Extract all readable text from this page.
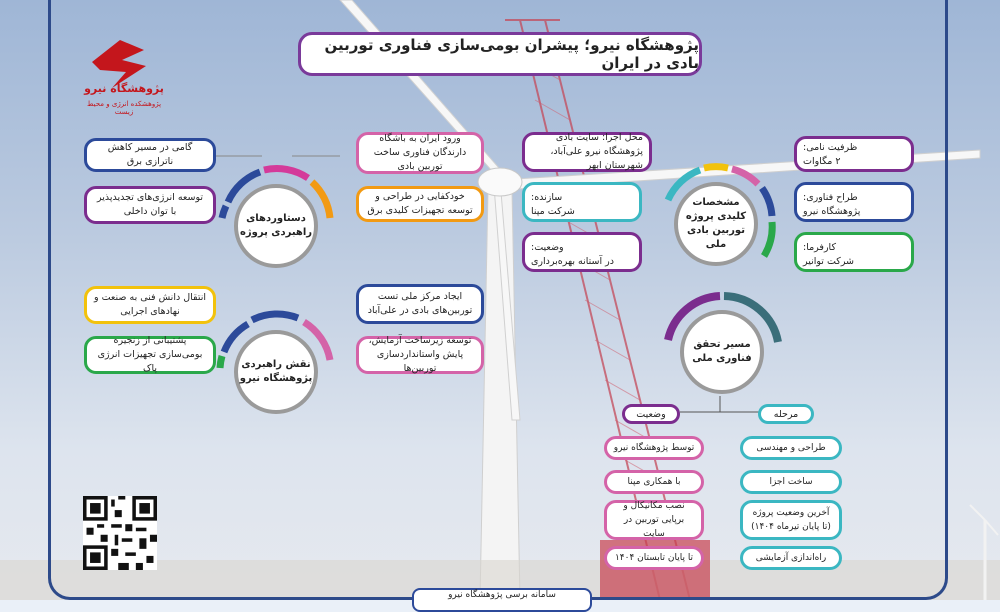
پژوهشگاه نیرو؛ پیشران بومی‌سازی فناوری توربین بادی در ایران
پژوهشگاه نیرو
پژوهشکده انرژی و محیط زیست
دستاوردهای راهبردی پروژه
گامی در مسیر کاهش ناترازی برق
توسعه انرژی‌های تجدیدپذیر با توان داخلی
ورود ایران به باشگاه دارندگان فناوری ساخت توربین بادی
خودکفایی در طراحی و توسعه تجهیزات کلیدی برق
نقش راهبردی پژوهشگاه نیرو
انتقال دانش فنی به صنعت و نهادهای اجرایی
پشتیبانی از زنجیره بومی‌سازی تجهیزات انرژی پاک
ایجاد مرکز ملی تست توربین‌های بادی در علی‌آباد
توسعه زیرساخت آزمایش، پایش واستانداردسازی توربین‌ها
مشخصات کلیدی پروژه توربین بادی ملی
محل اجرا: سایت بادی پژوهشگاه نیرو علی‌آباد، شهرستان ابهر
سازنده:
شرکت مپنا
وضعیت:
در آستانه بهره‌برداری
ظرفیت نامی:
۲ مگاوات
طراح فناوری:
پژوهشگاه نیرو
کارفرما:
شرکت توانیر
مسیر تحقق فناوری ملی
وضعیت	مرحله
توسط پژوهشگاه نیرو
با همکاری مپنا
نصب مکانیکال و برپایی توربین در سایت
تا پایان تابستان ۱۴۰۴
طراحی و مهندسی
ساخت اجزا
آخرین وضعیت پروژه (تا پایان تیرماه ۱۴۰۴)
راه‌اندازی آزمایشی
سامانه برسی پژوهشگاه نیرو
